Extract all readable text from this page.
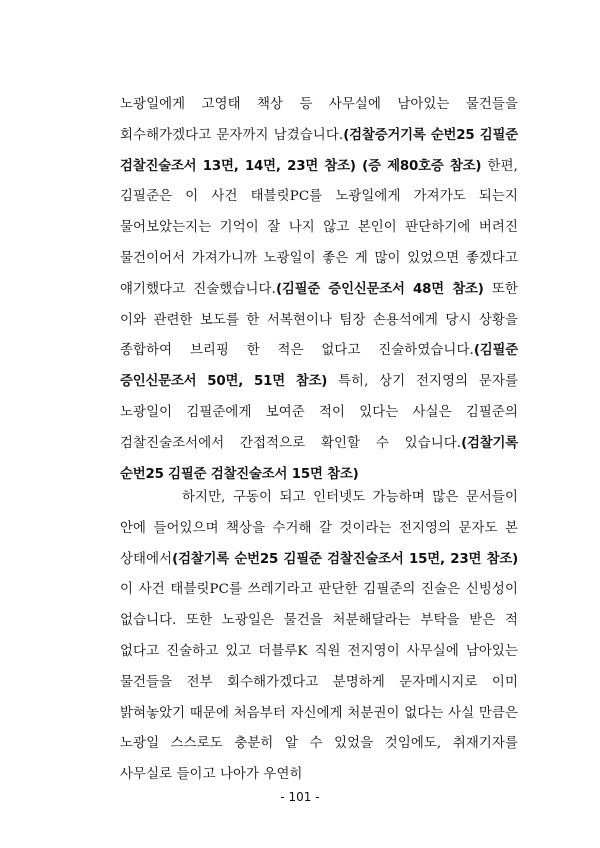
노광일에게 고영태 책상 등 사무실에 남아있는 물건들을 회수해가겠다고 문자까지 남겼습니다.(검찰증거기록 순번25 김필준 검찰진술조서 13면, 14면, 23면 참조) (증 제80호증 참조) 한편, 김필준은 이 사건 태블릿PC를 노광일에게 가져가도 되는지 물어보았는지는 기억이 잘 나지 않고 본인이 판단하기에 버려진 물건이어서 가져가니까 노광일이 좋은 게 많이 있었으면 좋겠다고 얘기했다고 진술했습니다.(김필준 증인신문조서 48면 참조) 또한 이와 관련한 보도를 한 서복현이나 팀장 손용석에게 당시 상황을 종합하여 브리핑 한 적은 없다고 진술하였습니다.(김필준 증인신문조서 50면, 51면 참조) 특히, 상기 전지영의 문자를 노광일이 김필준에게 보여준 적이 있다는 사실은 김필준의 검찰진술조서에서 간접적으로 확인할 수 있습니다.(검찰기록 순번25 김필준 검찰진술조서 15면 참조)
하지만, 구동이 되고 인터넷도 가능하며 많은 문서들이 안에 들어있으며 책상을 수거해 갈 것이라는 전지영의 문자도 본 상태에서(검찰기록 순번25 김필준 검찰진술조서 15면, 23면 참조) 이 사건 태블릿PC를 쓰레기라고 판단한 김필준의 진술은 신빙성이 없습니다. 또한 노광일은 물건을 처분해달라는 부탁을 받은 적 없다고 진술하고 있고 더블루K 직원 전지영이 사무실에 남아있는 물건들을 전부 회수해가겠다고 분명하게 문자메시지로 이미 밝혀놓았기 때문에 처음부터 자신에게 처분권이 없다는 사실 만큼은 노광일 스스로도 충분히 알 수 있었을 것임에도, 취재기자를 사무실로 들이고 나아가 우연히
- 101 -
